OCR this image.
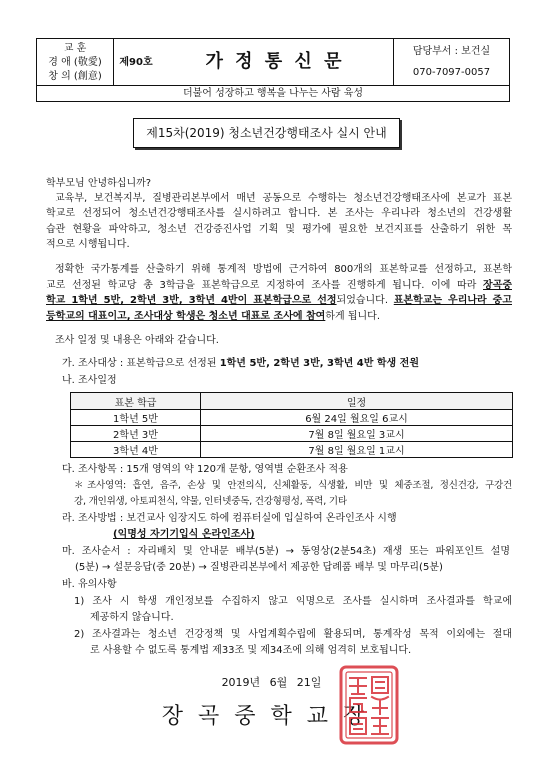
교 훈
경 애 (敬愛)
창 의 (創意)
제90호	가 정 통 신 문	담당부서 : 보건실
070-7097-0057
더불어 성장하고 행복을 나누는 사람 육성
제15차(2019) 청소년건강행태조사 실시 안내
학부모님 안녕하십니까?
교육부, 보건복지부, 질병관리본부에서 매년 공동으로 수행하는 청소년건강행태조사에 본교가 표본
학교로 선정되어 청소년건강행태조사를 실시하려고 합니다. 본 조사는 우리나라 청소년의 건강생활
습관 현황을 파악하고, 청소년 건강증진사업 기획 및 평가에 필요한 보건지표를 산출하기 위한 목
적으로 시행됩니다.
정확한 국가통계를 산출하기 위해 통계적 방법에 근거하여 800개의 표본학교를 선정하고, 표본학
교로 선정된 학교당 총 3학급을 표본학급으로 지정하여 조사를 진행하게 됩니다. 이에 따라 장곡중
학교 1학년 5반, 2학년 3반, 3학년 4반이 표본학급으로 선정되었습니다. 표본학교는 우리나라 중고
등학교의 대표이고, 조사대상 학생은 청소년 대표로 조사에 참여하게 됩니다.
조사 일정 및 내용은 아래와 같습니다.
가. 조사대상 : 표본학급으로 선정된 1학년 5반, 2학년 3반, 3학년 4반 학생 전원
나. 조사일정
표본 학급	일정
1학년 5반	6월 24일 월요일 6교시
2학년 3반	7월 8일 월요일 3교시
3학년 4반	7월 8일 월요일 1교시
다. 조사항목 : 15개 영역의 약 120개 문항, 영역별 순환조사 적용
＊조사영역: 흡연, 음주, 손상 및 안전의식, 신체활동, 식생활, 비만 및 체중조절, 정신건강, 구강건
강, 개인위생, 아토피천식, 약물, 인터넷중독, 건강형평성, 폭력, 기타
라. 조사방법 : 보건교사 임장지도 하에 컴퓨터실에 입실하여 온라인조사 시행
(익명성 자기기입식 온라인조사)
마. 조사순서 : 자리배치 및 안내문 배부(5분) → 동영상(2분54초) 재생 또는 파워포인트 설명
(5분) → 설문응답(중 20분) → 질병관리본부에서 제공한 답례품 배부 및 마무리(5분)
바. 유의사항
1) 조사 시 학생 개인정보를 수집하지 않고 익명으로 조사를 실시하며 조사결과를 학교에
제공하지 않습니다.
2) 조사결과는 청소년 건강정책 및 사업계획수립에 활용되며, 통계작성 목적 이외에는 절대
로 사용할 수 없도록 통계법 제33조 및 제34조에 의해 엄격히 보호됩니다.
2019년 6월 21일
장 곡 중 학 교 장
